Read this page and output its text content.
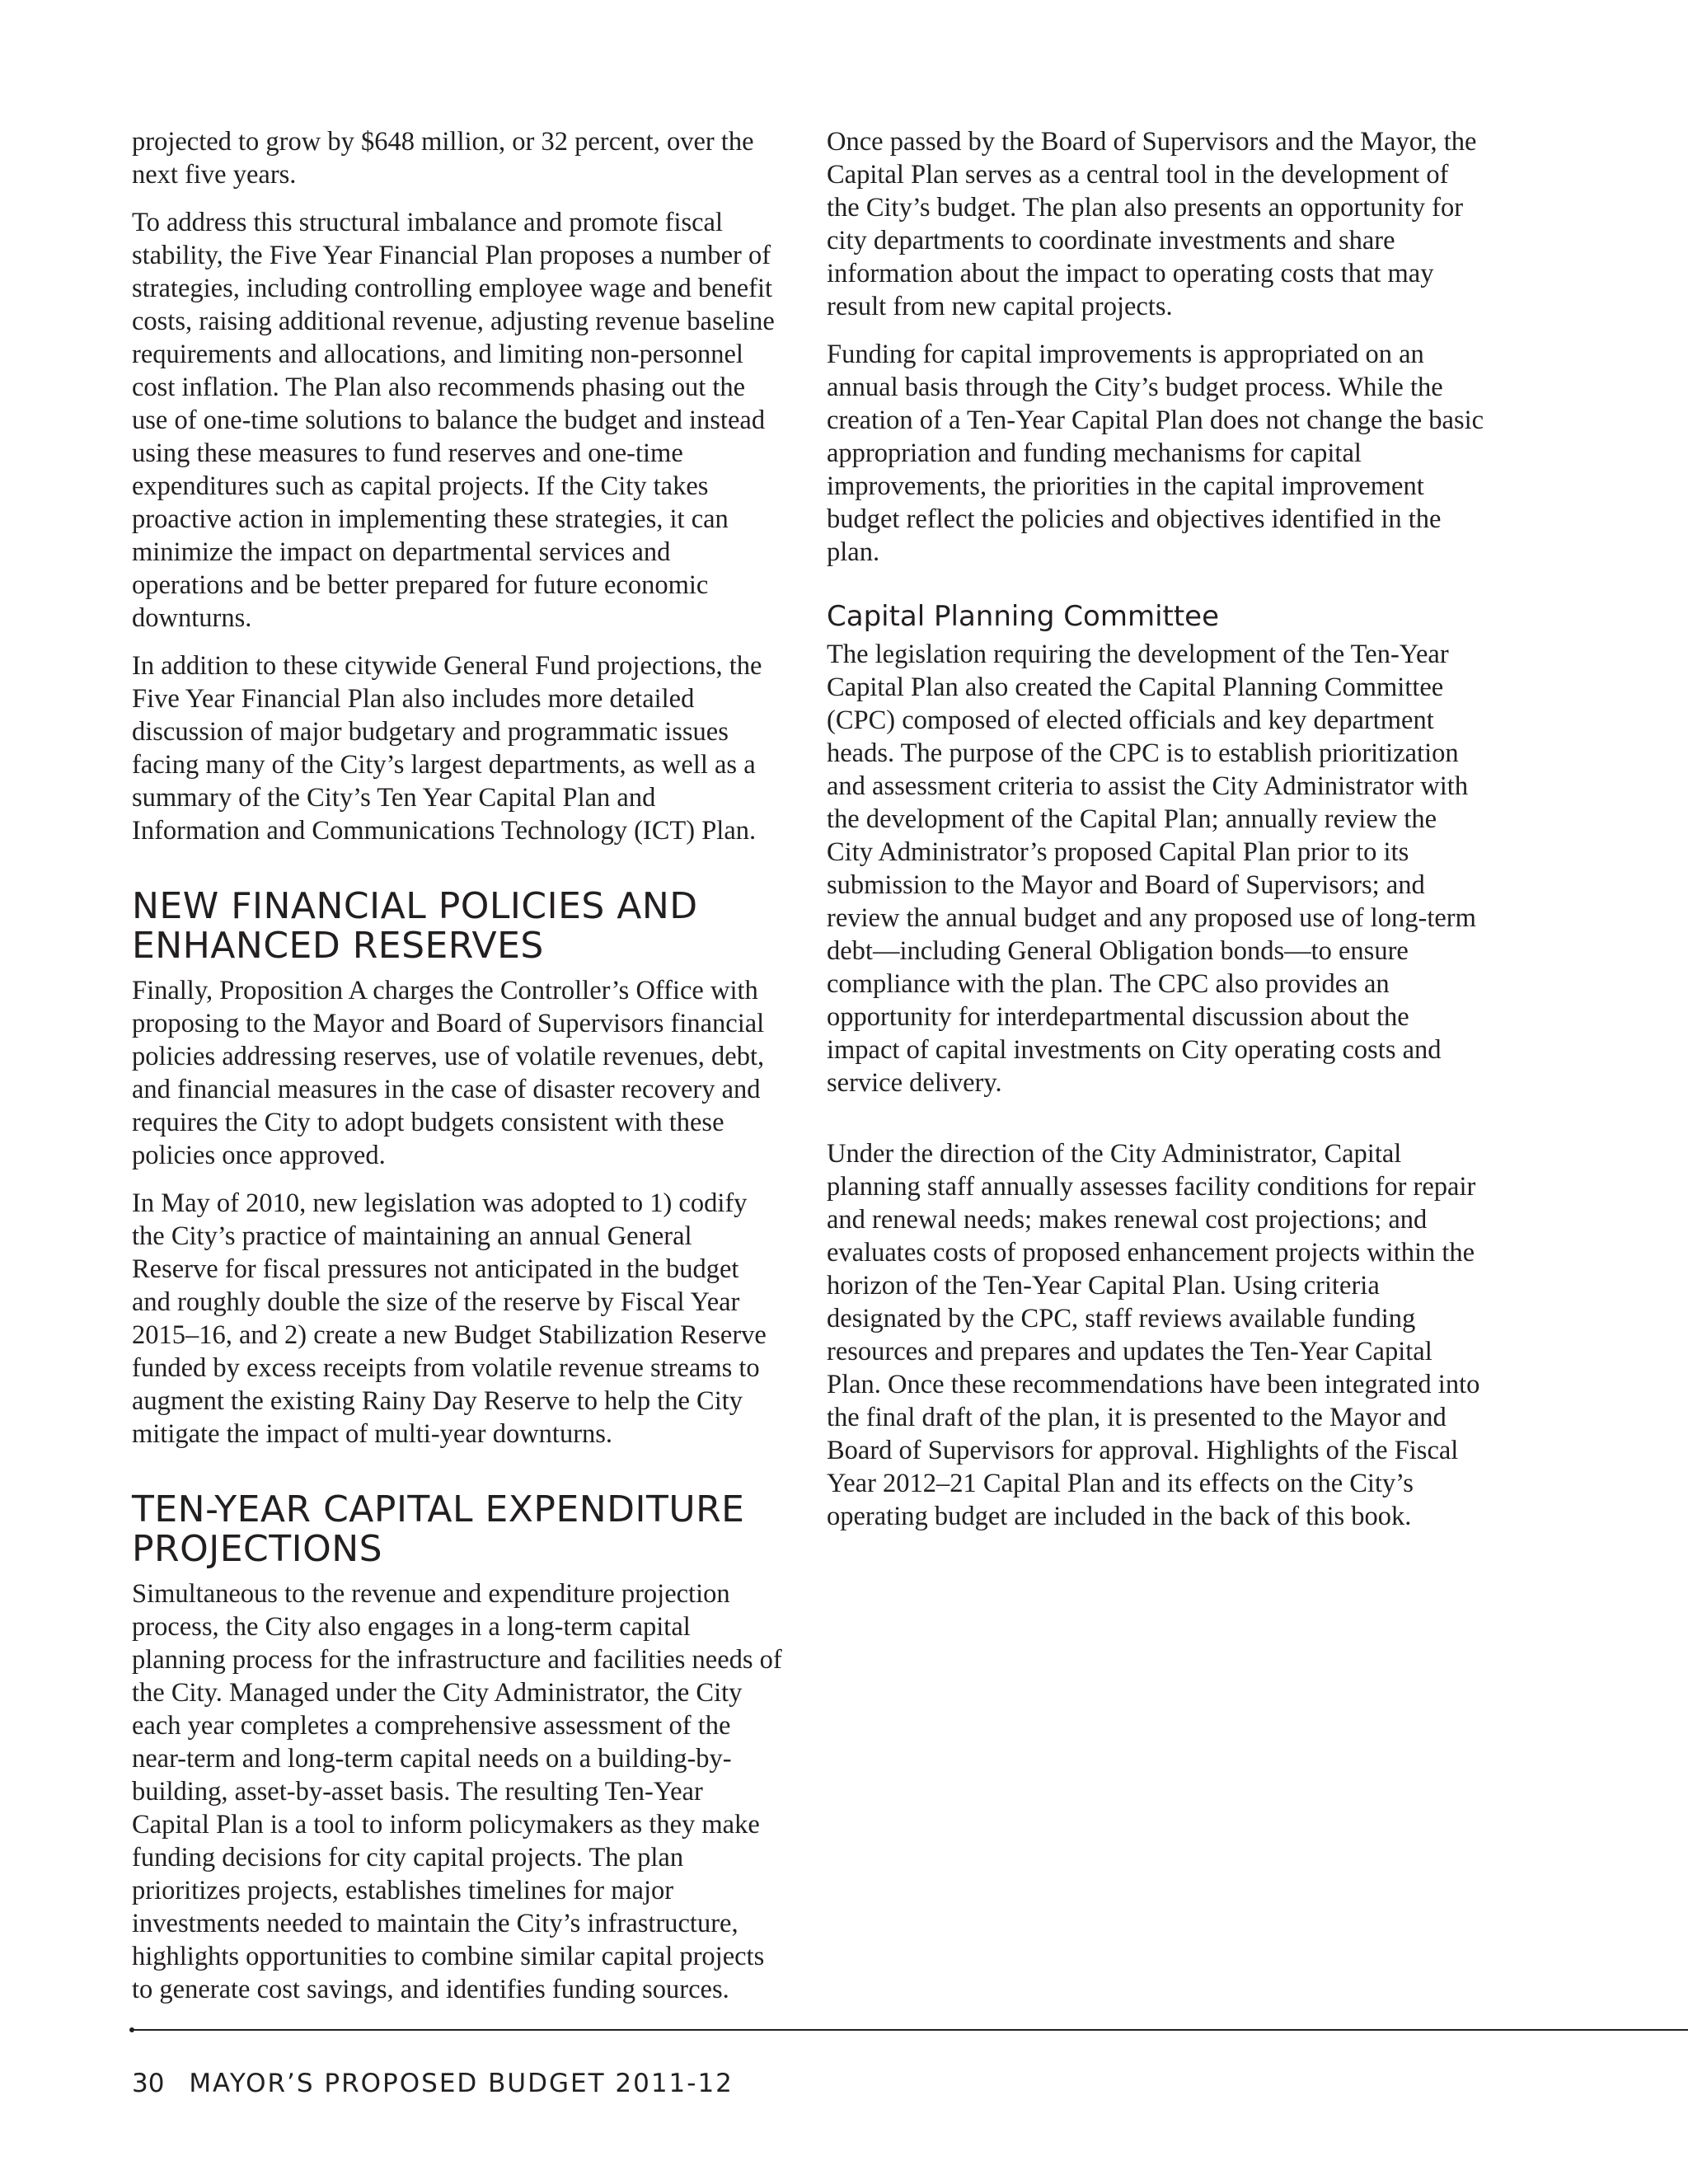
projected to grow by $648 million, or 32 percent, over the next five years.

To address this structural imbalance and promote fiscal stability, the Five Year Financial Plan proposes a number of strategies, including controlling employee wage and benefit costs, raising additional revenue, adjusting revenue baseline requirements and allocations, and limiting non-personnel cost inflation. The Plan also recommends phasing out the use of one-time solutions to balance the budget and instead using these measures to fund reserves and one-time expenditures such as capital projects. If the City takes proactive action in implementing these strategies, it can minimize the impact on departmental services and operations and be better prepared for future economic downturns.

In addition to these citywide General Fund projections, the Five Year Financial Plan also includes more detailed discussion of major budgetary and programmatic issues facing many of the City’s largest departments, as well as a summary of the City’s Ten Year Capital Plan and Information and Communications Technology (ICT) Plan.

NEW FINANCIAL POLICIES AND ENHANCED RESERVES

Finally, Proposition A charges the Controller’s Office with proposing to the Mayor and Board of Supervisors financial policies addressing reserves, use of volatile revenues, debt, and financial measures in the case of disaster recovery and requires the City to adopt budgets consistent with these policies once approved.

In May of 2010, new legislation was adopted to 1) codify the City’s practice of maintaining an annual General Reserve for fiscal pressures not anticipated in the budget and roughly double the size of the reserve by Fiscal Year 2015–16, and 2) create a new Budget Stabilization Reserve funded by excess receipts from volatile revenue streams to augment the existing Rainy Day Reserve to help the City mitigate the impact of multi-year downturns.

TEN-YEAR CAPITAL EXPENDITURE PROJECTIONS

Simultaneous to the revenue and expenditure projection process, the City also engages in a long-term capital planning process for the infrastructure and facilities needs of the City. Managed under the City Administrator, the City each year completes a comprehensive assessment of the near-term and long-term capital needs on a building-by-building, asset-by-asset basis. The resulting Ten-Year Capital Plan is a tool to inform policymakers as they make funding decisions for city capital projects. The plan prioritizes projects, establishes timelines for major investments needed to maintain the City’s infrastructure, highlights opportunities to combine similar capital projects to generate cost savings, and identifies funding sources.

Once passed by the Board of Supervisors and the Mayor, the Capital Plan serves as a central tool in the development of the City’s budget. The plan also presents an opportunity for city departments to coordinate investments and share information about the impact to operating costs that may result from new capital projects.

Funding for capital improvements is appropriated on an annual basis through the City’s budget process. While the creation of a Ten-Year Capital Plan does not change the basic appropriation and funding mechanisms for capital improvements, the priorities in the capital improvement budget reflect the policies and objectives identified in the plan.

Capital Planning Committee

The legislation requiring the development of the Ten-Year Capital Plan also created the Capital Planning Committee (CPC) composed of elected officials and key department heads. The purpose of the CPC is to establish prioritization and assessment criteria to assist the City Administrator with the development of the Capital Plan; annually review the City Administrator’s proposed Capital Plan prior to its submission to the Mayor and Board of Supervisors; and review the annual budget and any proposed use of long-term debt—including General Obligation bonds—to ensure compliance with the plan. The CPC also provides an opportunity for interdepartmental discussion about the impact of capital investments on City operating costs and service delivery.

Under the direction of the City Administrator, Capital planning staff annually assesses facility conditions for repair and renewal needs; makes renewal cost projections; and evaluates costs of proposed enhancement projects within the horizon of the Ten-Year Capital Plan. Using criteria designated by the CPC, staff reviews available funding resources and prepares and updates the Ten-Year Capital Plan. Once these recommendations have been integrated into the final draft of the plan, it is presented to the Mayor and Board of Supervisors for approval. Highlights of the Fiscal Year 2012–21 Capital Plan and its effects on the City’s operating budget are included in the back of this book.

30 MAYOR’S PROPOSED BUDGET 2011-12
